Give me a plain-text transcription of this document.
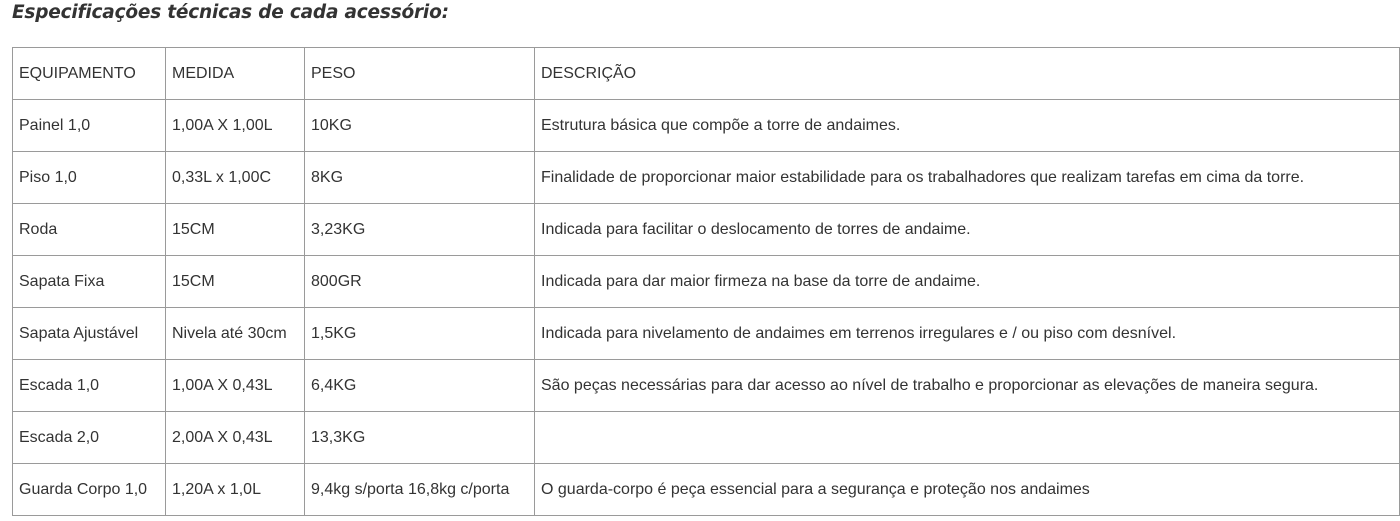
Especificações técnicas de cada acessório:
EQUIPAMENTO	MEDIDA	PESO	DESCRIÇÃO
Painel 1,0	1,00A X 1,00L	10KG	Estrutura básica que compõe a torre de andaimes.
Piso 1,0	0,33L x 1,00C	8KG	Finalidade de proporcionar maior estabilidade para os trabalhadores que realizam tarefas em cima da torre.
Roda	15CM	3,23KG	Indicada para facilitar o deslocamento de torres de andaime.
Sapata Fixa	15CM	800GR	Indicada para dar maior firmeza na base da torre de andaime.
Sapata Ajustável	Nivela até 30cm	1,5KG	Indicada para nivelamento de andaimes em terrenos irregulares e / ou piso com desnível.
Escada 1,0	1,00A X 0,43L	6,4KG	São peças necessárias para dar acesso ao nível de trabalho e proporcionar as elevações de maneira segura.
Escada 2,0	2,00A X 0,43L	13,3KG	
Guarda Corpo 1,0	1,20A x 1,0L	9,4kg s/porta 16,8kg c/porta	O guarda-corpo é peça essencial para a segurança e proteção nos andaimes
